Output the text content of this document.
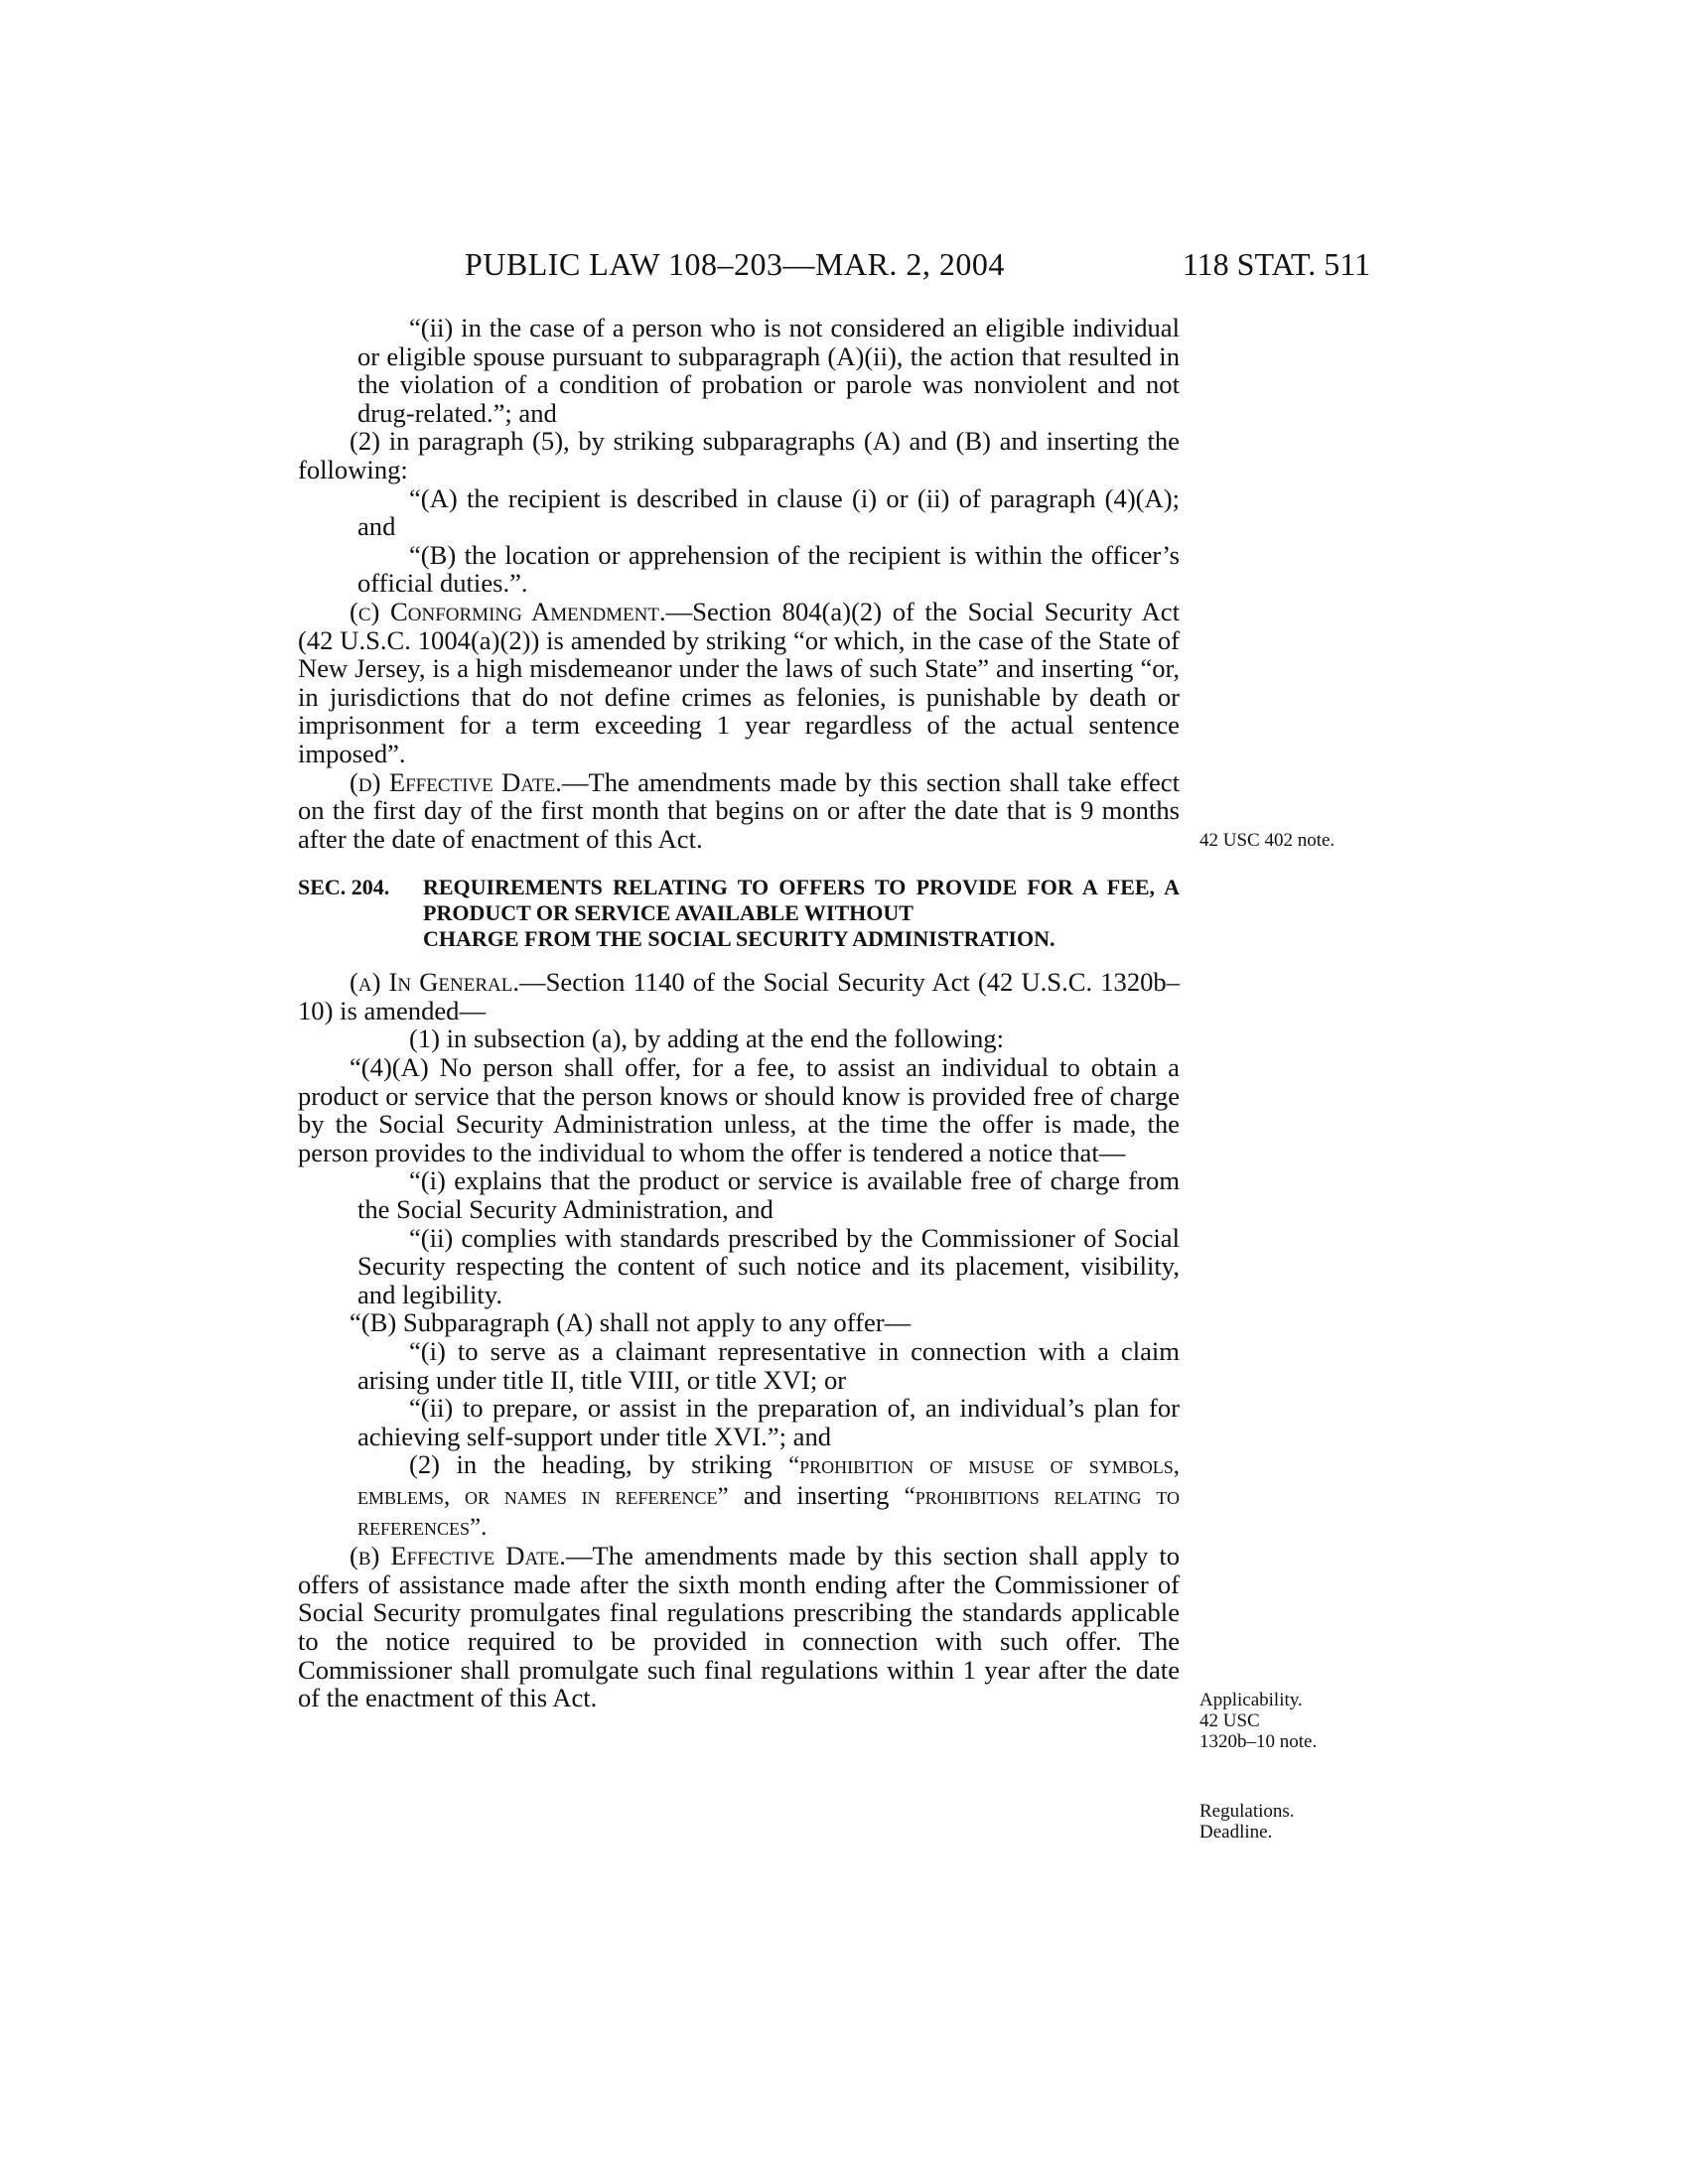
PUBLIC LAW 108–203—MAR. 2, 2004	118 STAT. 511

“(ii) in the case of a person who is not considered an eligible individual or eligible spouse pursuant to subparagraph (A)(ii), the action that resulted in the violation of a condition of probation or parole was nonviolent and not drug-related.”; and

(2) in paragraph (5), by striking subparagraphs (A) and (B) and inserting the following:

“(A) the recipient is described in clause (i) or (ii) of paragraph (4)(A); and

“(B) the location or apprehension of the recipient is within the officer’s official duties.”.

(c) Conforming Amendment.—Section 804(a)(2) of the Social Security Act (42 U.S.C. 1004(a)(2)) is amended by striking “or which, in the case of the State of New Jersey, is a high misdemeanor under the laws of such State” and inserting “or, in jurisdictions that do not define crimes as felonies, is punishable by death or imprisonment for a term exceeding 1 year regardless of the actual sentence imposed”.

(d) Effective Date.—The amendments made by this section shall take effect on the first day of the first month that begins on or after the date that is 9 months after the date of enactment of this Act.

SEC. 204. REQUIREMENTS RELATING TO OFFERS TO PROVIDE FOR A FEE, A PRODUCT OR SERVICE AVAILABLE WITHOUT
CHARGE FROM THE SOCIAL SECURITY ADMINISTRATION.

(a) In General.—Section 1140 of the Social Security Act (42 U.S.C. 1320b–10) is amended—

(1) in subsection (a), by adding at the end the following:

“(4)(A) No person shall offer, for a fee, to assist an individual to obtain a product or service that the person knows or should know is provided free of charge by the Social Security Administration unless, at the time the offer is made, the person provides to the individual to whom the offer is tendered a notice that—

“(i) explains that the product or service is available free of charge from the Social Security Administration, and

“(ii) complies with standards prescribed by the Commissioner of Social Security respecting the content of such notice and its placement, visibility, and legibility.

“(B) Subparagraph (A) shall not apply to any offer—

“(i) to serve as a claimant representative in connection with a claim arising under title II, title VIII, or title XVI; or

“(ii) to prepare, or assist in the preparation of, an individual’s plan for achieving self-support under title XVI.”; and

(2) in the heading, by striking “prohibition of misuse of symbols, emblems, or names in reference” and inserting “prohibitions relating to references”.

(b) Effective Date.—The amendments made by this section shall apply to offers of assistance made after the sixth month ending after the Commissioner of Social Security promulgates final regulations prescribing the standards applicable to the notice required to be provided in connection with such offer. The Commissioner shall promulgate such final regulations within 1 year after the date of the enactment of this Act.

42 USC 402 note.
Applicability.
42 USC
1320b–10 note.
Regulations.
Deadline.
